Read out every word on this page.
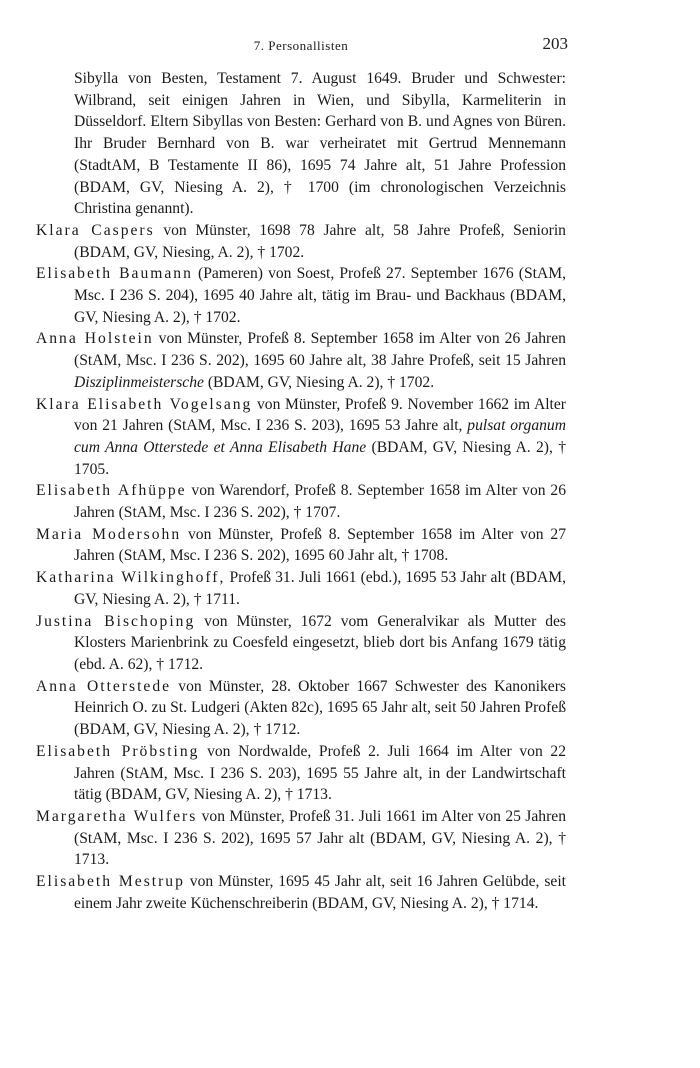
7. Personallisten	203

Sibylla von Besten, Testament 7. August 1649. Bruder und Schwester: Wilbrand, seit einigen Jahren in Wien, und Sibylla, Karmeliterin in Düsseldorf. Eltern Sibyllas von Besten: Gerhard von B. und Agnes von Büren. Ihr Bruder Bernhard von B. war verheiratet mit Gertrud Mennemann (StadtAM, B Testamente II 86), 1695 74 Jahre alt, 51 Jahre Profession (BDAM, GV, Niesing A. 2), † 1700 (im chronologischen Verzeichnis Christina genannt).

Klara Caspers von Münster, 1698 78 Jahre alt, 58 Jahre Profeß, Seniorin (BDAM, GV, Niesing, A. 2), † 1702.

Elisabeth Baumann (Pameren) von Soest, Profeß 27. September 1676 (StAM, Msc. I 236 S. 204), 1695 40 Jahre alt, tätig im Brau- und Backhaus (BDAM, GV, Niesing A. 2), † 1702.

Anna Holstein von Münster, Profeß 8. September 1658 im Alter von 26 Jahren (StAM, Msc. I 236 S. 202), 1695 60 Jahre alt, 38 Jahre Profeß, seit 15 Jahren Disziplinmeistersche (BDAM, GV, Niesing A. 2), † 1702.

Klara Elisabeth Vogelsang von Münster, Profeß 9. November 1662 im Alter von 21 Jahren (StAM, Msc. I 236 S. 203), 1695 53 Jahre alt, pulsat organum cum Anna Otterstede et Anna Elisabeth Hane (BDAM, GV, Niesing A. 2), † 1705.

Elisabeth Afhüppe von Warendorf, Profeß 8. September 1658 im Alter von 26 Jahren (StAM, Msc. I 236 S. 202), † 1707.

Maria Modersohn von Münster, Profeß 8. September 1658 im Alter von 27 Jahren (StAM, Msc. I 236 S. 202), 1695 60 Jahr alt, † 1708.

Katharina Wilkinghoff, Profeß 31. Juli 1661 (ebd.), 1695 53 Jahr alt (BDAM, GV, Niesing A. 2), † 1711.

Justina Bischoping von Münster, 1672 vom Generalvikar als Mutter des Klosters Marienbrink zu Coesfeld eingesetzt, blieb dort bis Anfang 1679 tätig (ebd. A. 62), † 1712.

Anna Otterstede von Münster, 28. Oktober 1667 Schwester des Kanonikers Heinrich O. zu St. Ludgeri (Akten 82c), 1695 65 Jahr alt, seit 50 Jahren Profeß (BDAM, GV, Niesing A. 2), † 1712.

Elisabeth Pröbsting von Nordwalde, Profeß 2. Juli 1664 im Alter von 22 Jahren (StAM, Msc. I 236 S. 203), 1695 55 Jahre alt, in der Landwirtschaft tätig (BDAM, GV, Niesing A. 2), † 1713.

Margaretha Wulfers von Münster, Profeß 31. Juli 1661 im Alter von 25 Jahren (StAM, Msc. I 236 S. 202), 1695 57 Jahr alt (BDAM, GV, Niesing A. 2), † 1713.

Elisabeth Mestrup von Münster, 1695 45 Jahr alt, seit 16 Jahren Gelübde, seit einem Jahr zweite Küchenschreiberin (BDAM, GV, Niesing A. 2), † 1714.
